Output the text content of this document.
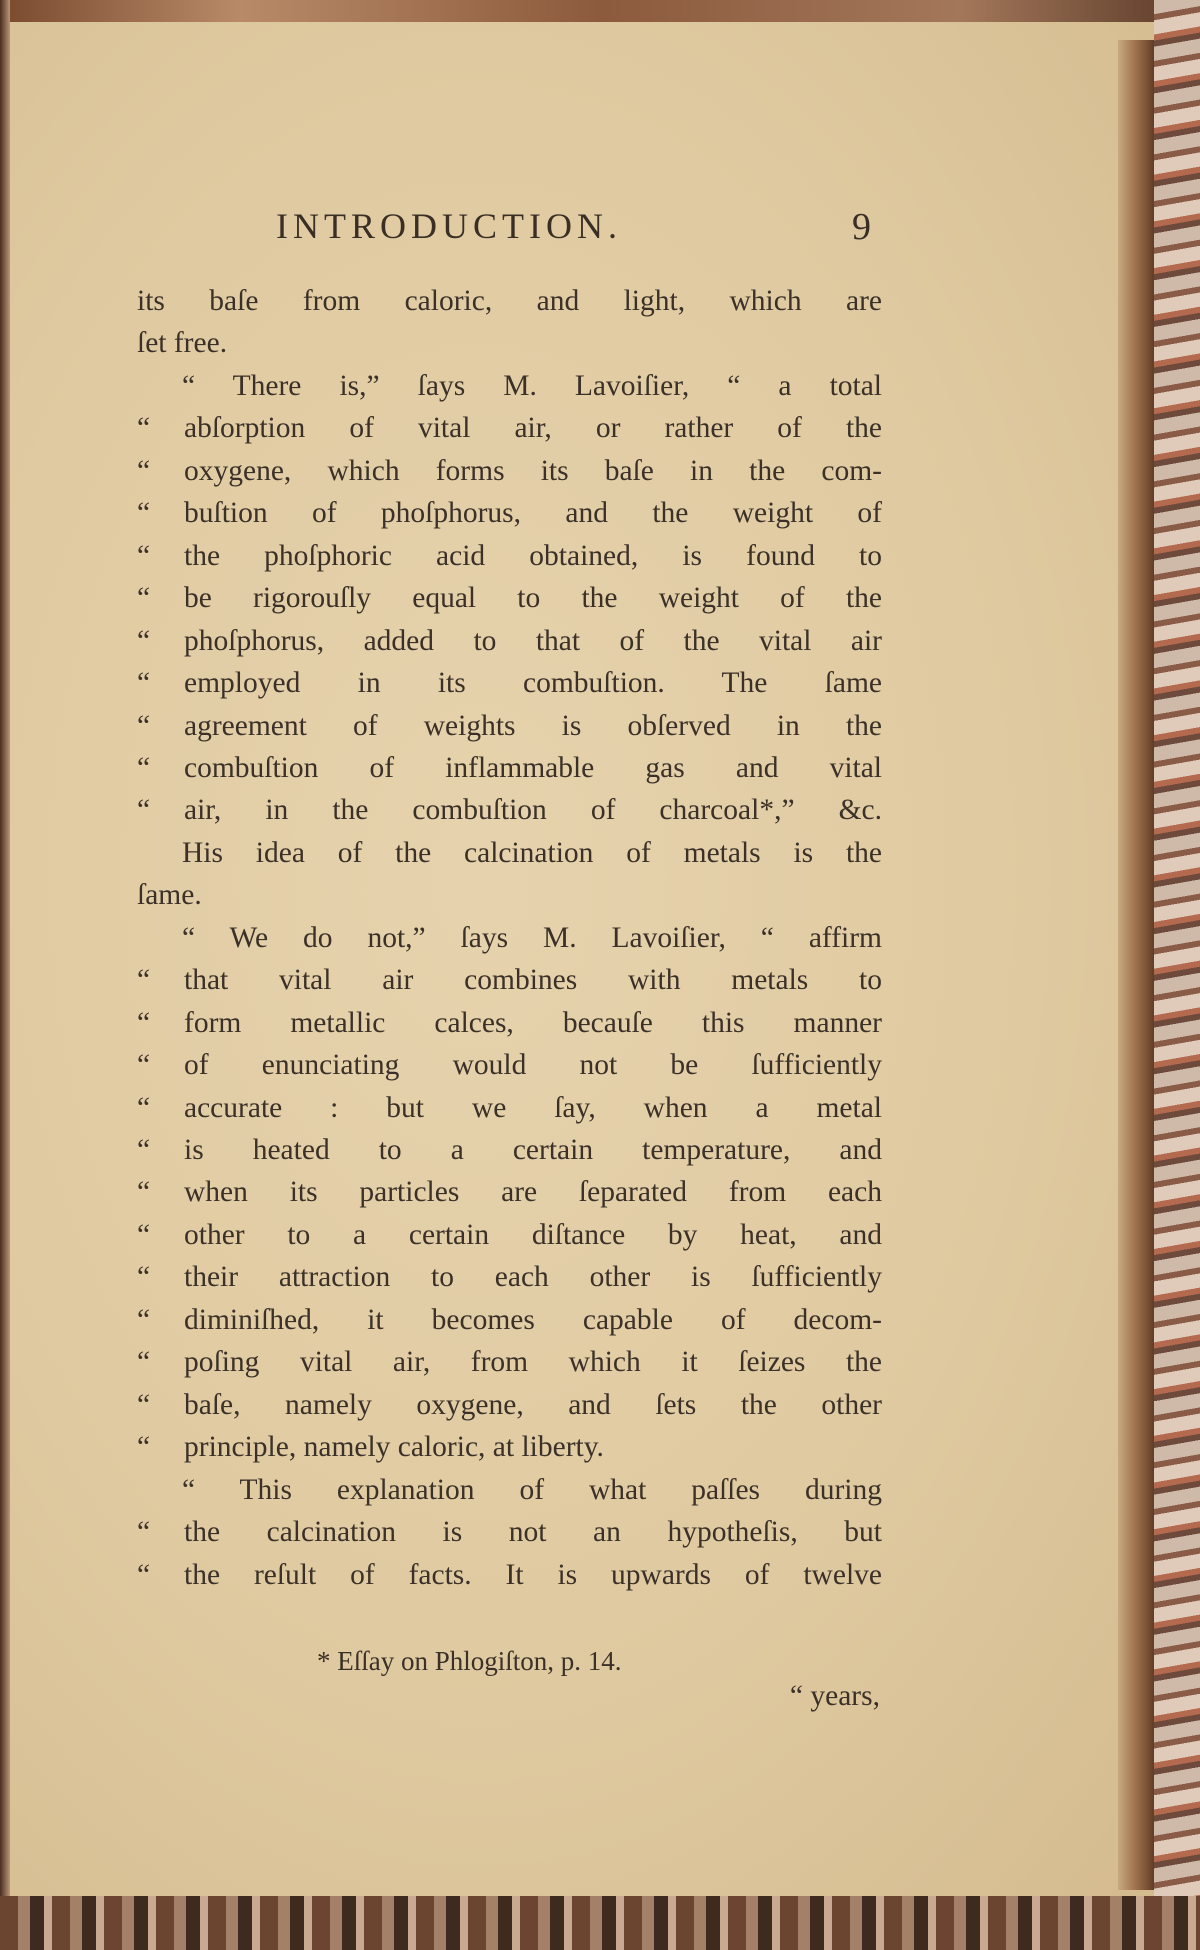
INTRODUCTION.	9
its baſe from caloric, and light, which are
ſet free.
“ There is,” ſays M. Lavoiſier, “ a total
“	abſorption of vital air, or rather of the
“	oxygene, which forms its baſe in the com-
“	buſtion of phoſphorus, and the weight of
“	the phoſphoric acid obtained, is found to
“	be rigorouſly equal to the weight of the
“	phoſphorus, added to that of the vital air
“	employed in its combuſtion. The ſame
“	agreement of weights is obſerved in the
“	combuſtion of inflammable gas and vital
“	air, in the combuſtion of charcoal*,” &c.
His idea of the calcination of metals is the
ſame.
“ We do not,” ſays M. Lavoiſier, “ affirm
“	that vital air combines with metals to
“	form metallic calces, becauſe this manner
“	of enunciating would not be ſufficiently
“	accurate : but we ſay, when a metal
“	is heated to a certain temperature, and
“	when its particles are ſeparated from each
“	other to a certain diſtance by heat, and
“	their attraction to each other is ſufficiently
“	diminiſhed, it becomes capable of decom-
“	poſing vital air, from which it ſeizes the
“	baſe, namely oxygene, and ſets the other
“	principle, namely caloric, at liberty.
“ This explanation of what paſſes during
“	the calcination is not an hypotheſis, but
“	the reſult of facts. It is upwards of twelve
* Eſſay on Phlogiſton, p. 14.
“ years,
